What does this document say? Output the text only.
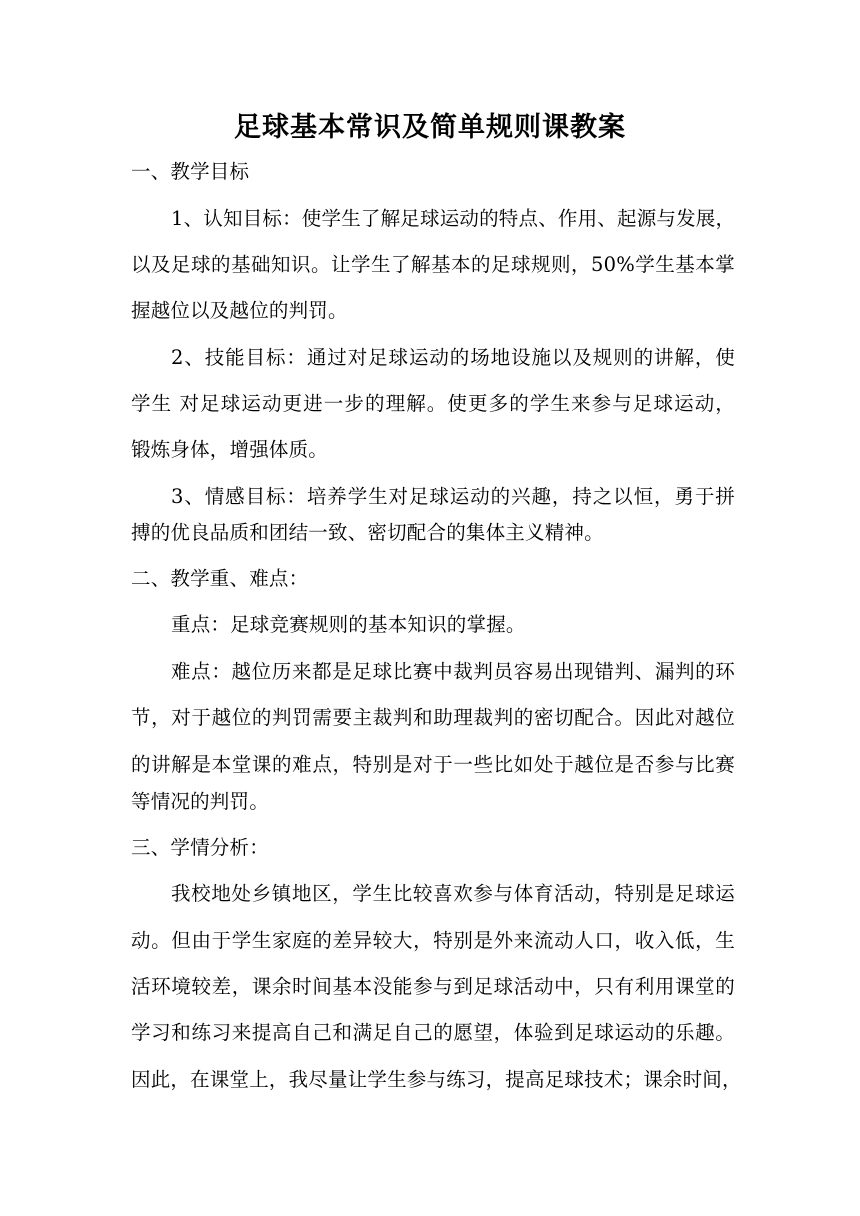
足球基本常识及简单规则课教案
一、教学目标
1、认知目标：使学生了解足球运动的特点、作用、起源与发展，
以及足球的基础知识。让学生了解基本的足球规则，50%学生基本掌
握越位以及越位的判罚。
2、技能目标：通过对足球运动的场地设施以及规则的讲解，使
学生 对足球运动更进一步的理解。使更多的学生来参与足球运动，
锻炼身体，增强体质。
3、情感目标：培养学生对足球运动的兴趣，持之以恒，勇于拼
搏的优良品质和团结一致、密切配合的集体主义精神。
二、教学重、难点：
重点：足球竞赛规则的基本知识的掌握。
难点：越位历来都是足球比赛中裁判员容易出现错判、漏判的环
节，对于越位的判罚需要主裁判和助理裁判的密切配合。因此对越位
的讲解是本堂课的难点，特别是对于一些比如处于越位是否参与比赛
等情况的判罚。
三、学情分析：
我校地处乡镇地区，学生比较喜欢参与体育活动，特别是足球运
动。但由于学生家庭的差异较大，特别是外来流动人口，收入低，生
活环境较差，课余时间基本没能参与到足球活动中，只有利用课堂的
学习和练习来提高自己和满足自己的愿望，体验到足球运动的乐趣。
因此，在课堂上，我尽量让学生参与练习，提高足球技术；课余时间，
